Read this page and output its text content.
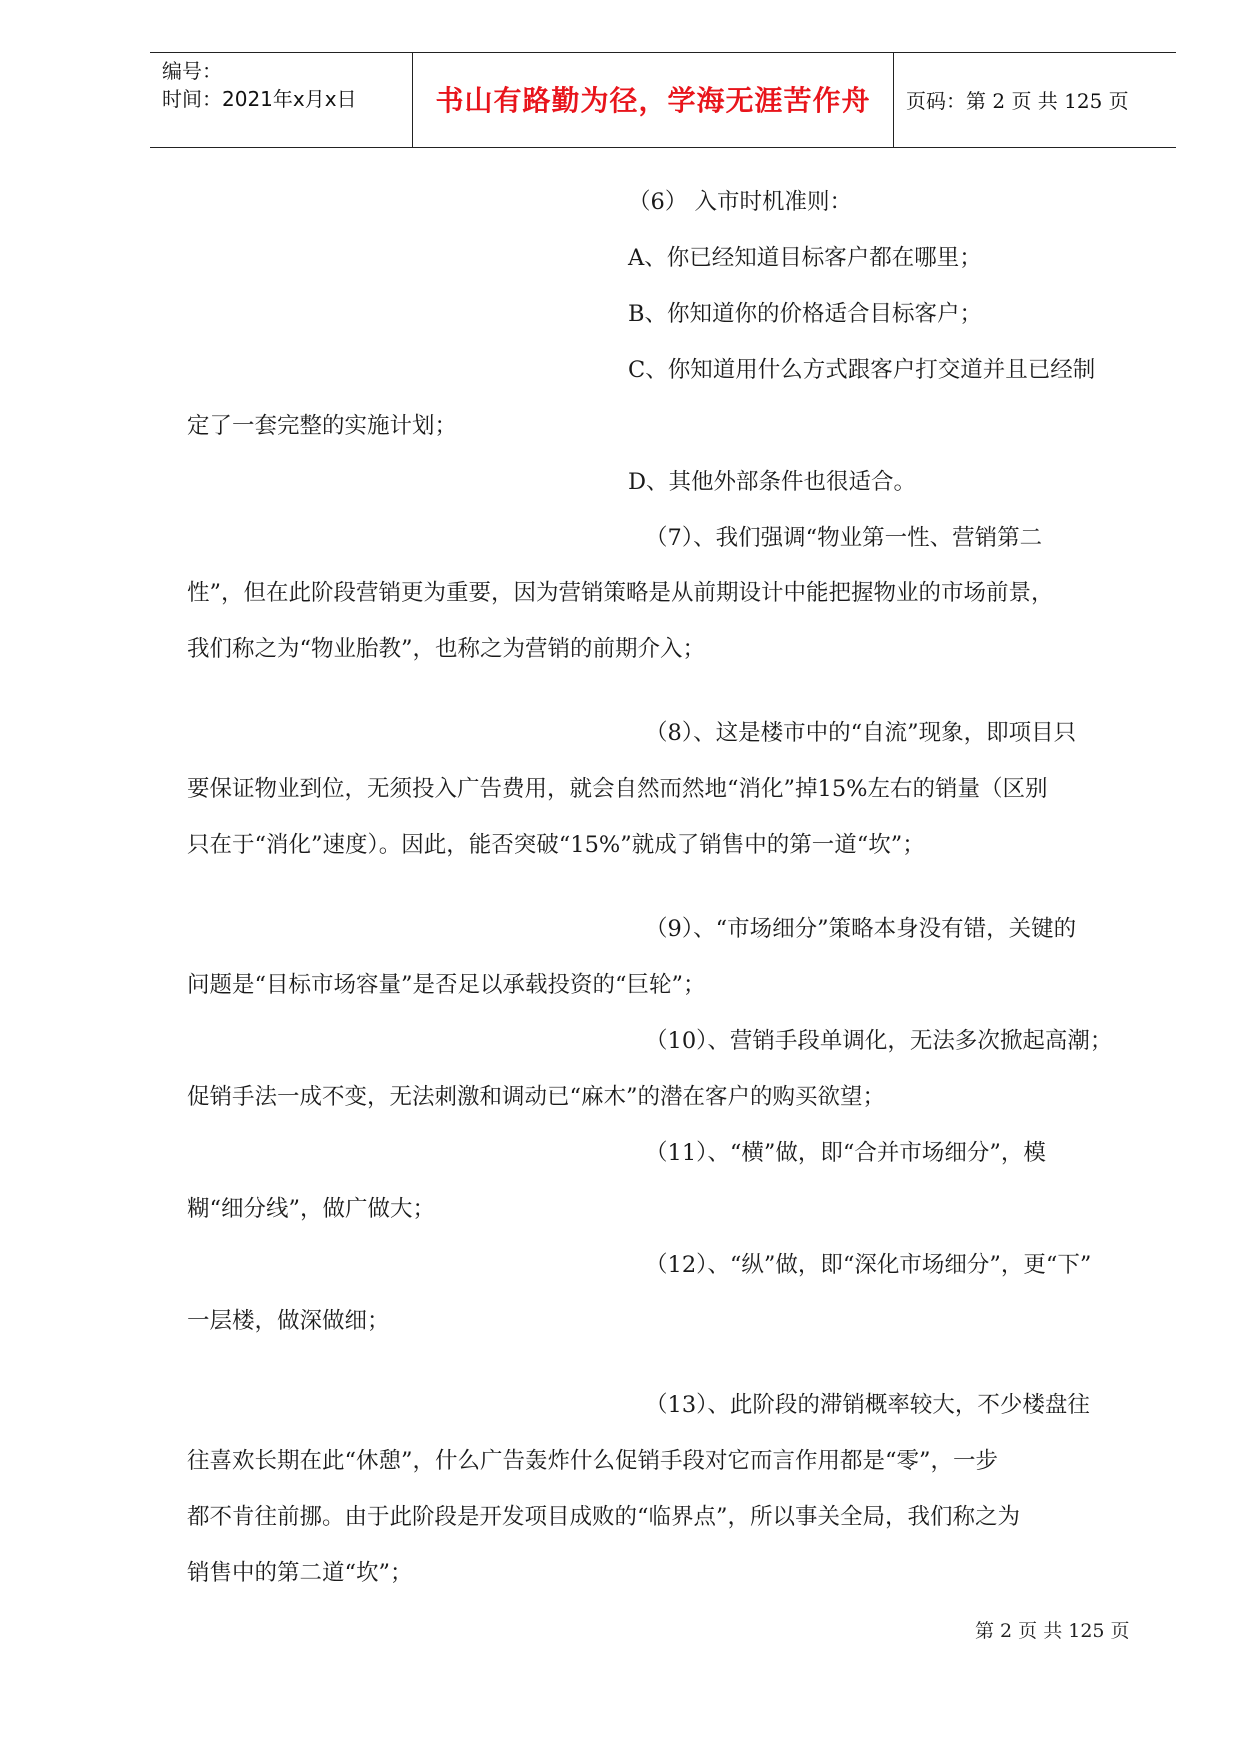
编号：
时间：2021年x月x日	书山有路勤为径，学海无涯苦作舟	页码：第 2 页 共 125 页
（6） 入市时机准则：
A、你已经知道目标客户都在哪里；
B、你知道你的价格适合目标客户；
C、你知道用什么方式跟客户打交道并且已经制
定了一套完整的实施计划；
D、其他外部条件也很适合。
（7）、我们强调“物业第一性、营销第二
性”，但在此阶段营销更为重要，因为营销策略是从前期设计中能把握物业的市场前景，
我们称之为“物业胎教”，也称之为营销的前期介入；
（8）、这是楼市中的“自流”现象，即项目只
要保证物业到位，无须投入广告费用，就会自然而然地“消化”掉15%左右的销量（区别
只在于“消化”速度）。因此，能否突破“15%”就成了销售中的第一道“坎”；
（9）、“市场细分”策略本身没有错，关键的
问题是“目标市场容量”是否足以承载投资的“巨轮”；
（10）、营销手段单调化，无法多次掀起高潮；
促销手法一成不变，无法刺激和调动已“麻木”的潜在客户的购买欲望；
（11）、“横”做，即“合并市场细分”，模
糊“细分线”，做广做大；
（12）、“纵”做，即“深化市场细分”，更“下”
一层楼，做深做细；
（13）、此阶段的滞销概率较大，不少楼盘往
往喜欢长期在此“休憩”，什么广告轰炸什么促销手段对它而言作用都是“零”，一步
都不肯往前挪。由于此阶段是开发项目成败的“临界点”，所以事关全局，我们称之为
销售中的第二道“坎”；
第 2 页 共 125 页
